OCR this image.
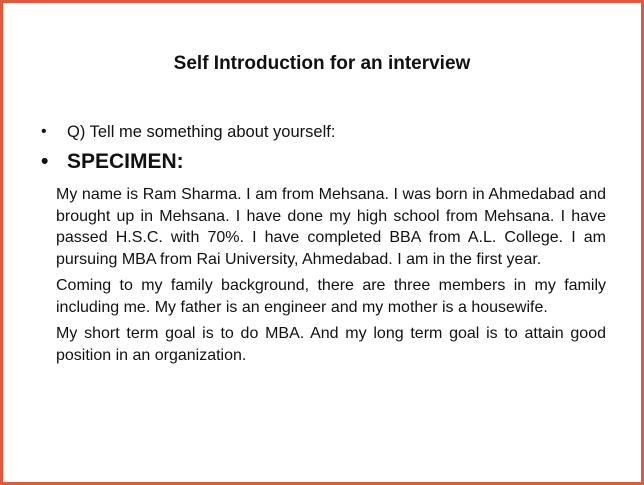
Self Introduction for an interview
• Q) Tell me something about yourself:
• SPECIMEN:

My name is Ram Sharma. I am from Mehsana. I was born in Ahmedabad and brought up in Mehsana. I have done my high school from Mehsana. I have passed H.S.C. with 70%. I have completed BBA from A.L. College. I am pursuing MBA from Rai University, Ahmedabad. I am in the first year.

Coming to my family background, there are three members in my family including me. My father is an engineer and my mother is a housewife.

My short term goal is to do MBA. And my long term goal is to attain good position in an organization.
